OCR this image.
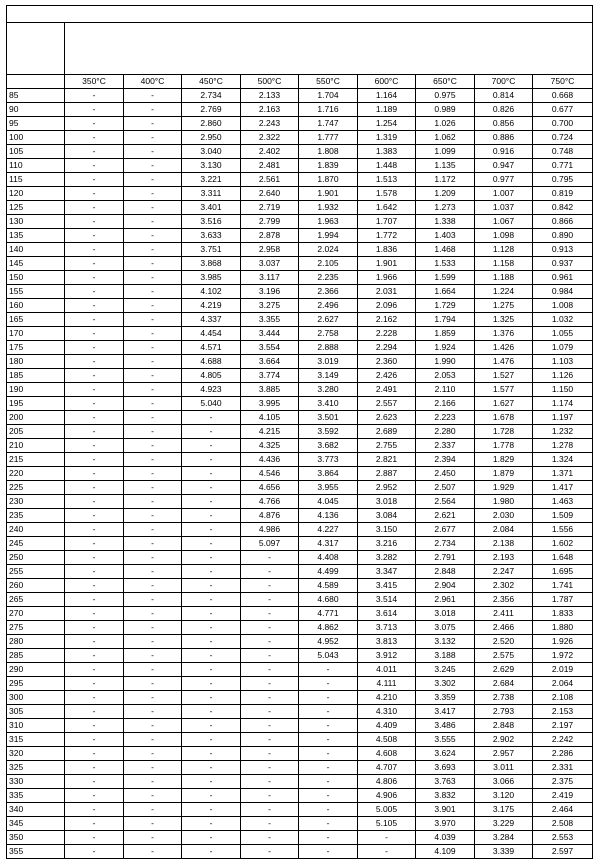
	350°C	400°C	450°C	500°C	550°C	600°C	650°C	700°C	750°C
85	-	-	2.734	2.133	1.704	1.164	0.975	0.814	0.668
90	-	-	2.769	2.163	1.716	1.189	0.989	0.826	0.677
95	-	-	2.860	2.243	1.747	1.254	1.026	0.856	0.700
100	-	-	2.950	2.322	1.777	1.319	1.062	0.886	0.724
105	-	-	3.040	2.402	1.808	1.383	1.099	0.916	0.748
110	-	-	3.130	2.481	1.839	1.448	1.135	0.947	0.771
115	-	-	3.221	2.561	1.870	1.513	1.172	0.977	0.795
120	-	-	3.311	2.640	1.901	1.578	1.209	1.007	0.819
125	-	-	3.401	2.719	1.932	1.642	1.273	1.037	0.842
130	-	-	3.516	2.799	1.963	1.707	1.338	1.067	0.866
135	-	-	3.633	2.878	1.994	1.772	1.403	1.098	0.890
140	-	-	3.751	2.958	2.024	1.836	1.468	1.128	0.913
145	-	-	3.868	3.037	2.105	1.901	1.533	1.158	0.937
150	-	-	3.985	3.117	2.235	1.966	1.599	1.188	0.961
155	-	-	4.102	3.196	2.366	2.031	1.664	1.224	0.984
160	-	-	4.219	3.275	2.496	2.096	1.729	1.275	1.008
165	-	-	4.337	3.355	2.627	2.162	1.794	1.325	1.032
170	-	-	4.454	3.444	2.758	2.228	1.859	1.376	1.055
175	-	-	4.571	3.554	2.888	2.294	1.924	1.426	1.079
180	-	-	4.688	3.664	3.019	2.360	1.990	1.476	1.103
185	-	-	4.805	3.774	3.149	2.426	2.053	1.527	1.126
190	-	-	4.923	3.885	3.280	2.491	2.110	1.577	1.150
195	-	-	5.040	3.995	3.410	2.557	2.166	1.627	1.174
200	-	-	-	4.105	3.501	2.623	2.223	1.678	1.197
205	-	-	-	4.215	3.592	2.689	2.280	1.728	1.232
210	-	-	-	4.325	3.682	2.755	2.337	1.778	1.278
215	-	-	-	4.436	3.773	2.821	2.394	1.829	1.324
220	-	-	-	4.546	3.864	2.887	2.450	1.879	1.371
225	-	-	-	4.656	3.955	2.952	2.507	1.929	1.417
230	-	-	-	4.766	4.045	3.018	2.564	1.980	1.463
235	-	-	-	4.876	4.136	3.084	2.621	2.030	1.509
240	-	-	-	4.986	4.227	3.150	2.677	2.084	1.556
245	-	-	-	5.097	4.317	3.216	2.734	2.138	1.602
250	-	-	-	-	4.408	3.282	2.791	2.193	1.648
255	-	-	-	-	4.499	3.347	2.848	2.247	1.695
260	-	-	-	-	4.589	3.415	2.904	2.302	1.741
265	-	-	-	-	4.680	3.514	2.961	2.356	1.787
270	-	-	-	-	4.771	3.614	3.018	2.411	1.833
275	-	-	-	-	4.862	3.713	3.075	2.466	1.880
280	-	-	-	-	4.952	3.813	3.132	2.520	1.926
285	-	-	-	-	5.043	3.912	3.188	2.575	1.972
290	-	-	-	-	-	4.011	3.245	2.629	2.019
295	-	-	-	-	-	4.111	3.302	2.684	2.064
300	-	-	-	-	-	4.210	3.359	2.738	2.108
305	-	-	-	-	-	4.310	3.417	2.793	2.153
310	-	-	-	-	-	4.409	3.486	2.848	2.197
315	-	-	-	-	-	4.508	3.555	2.902	2.242
320	-	-	-	-	-	4.608	3.624	2.957	2.286
325	-	-	-	-	-	4.707	3.693	3.011	2.331
330	-	-	-	-	-	4.806	3.763	3.066	2.375
335	-	-	-	-	-	4.906	3.832	3.120	2.419
340	-	-	-	-	-	5.005	3.901	3.175	2.464
345	-	-	-	-	-	5.105	3.970	3.229	2.508
350	-	-	-	-	-	-	4.039	3.284	2.553
355	-	-	-	-	-	-	4.109	3.339	2.597
